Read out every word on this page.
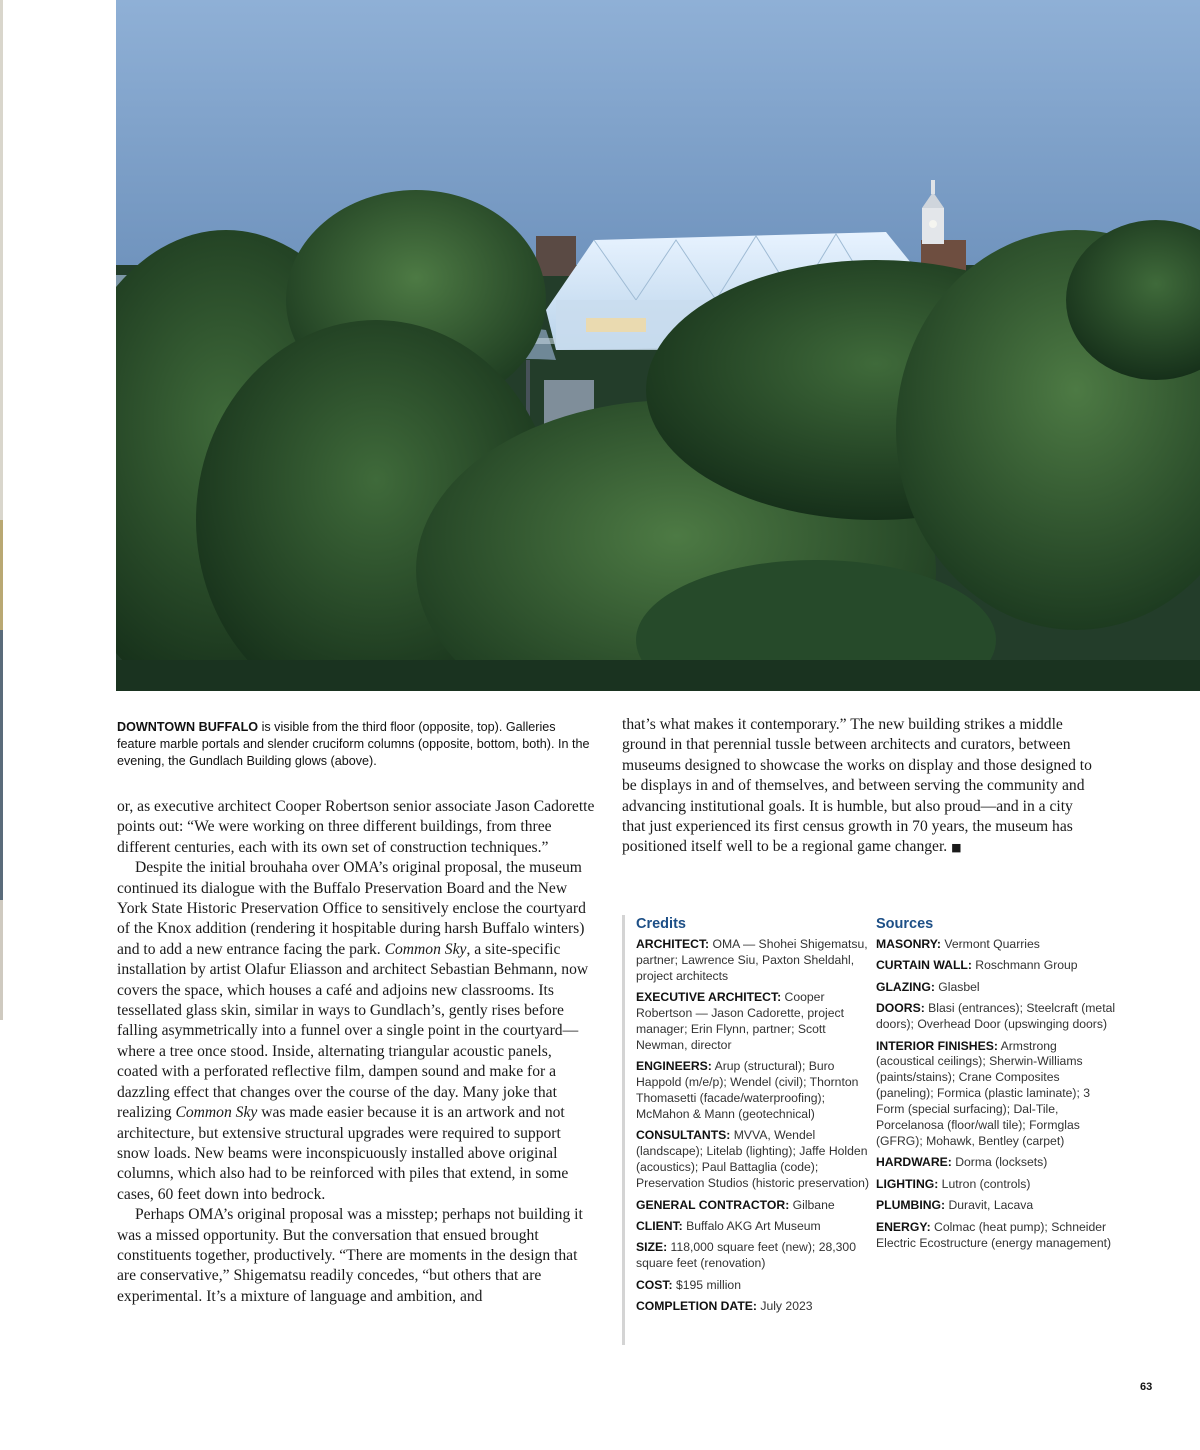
DOWNTOWN BUFFALO is visible from the third floor (opposite, top). Galleries feature marble portals and slender cruciform columns (opposite, bottom, both). In the evening, the Gundlach Building glows (above).

or, as executive architect Cooper Robertson senior associate Jason Cadorette points out: “We were working on three different buildings, from three different centuries, each with its own set of construction techniques.”

Despite the initial brouhaha over OMA’s original proposal, the museum continued its dialogue with the Buffalo Preservation Board and the New York State Historic Preservation Office to sensitively enclose the courtyard of the Knox addition (rendering it hospitable during harsh Buffalo winters) and to add a new entrance facing the park. Common Sky, a site-specific installation by artist Olafur Eliasson and architect Sebastian Behmann, now covers the space, which houses a café and adjoins new classrooms. Its tessellated glass skin, similar in ways to Gundlach’s, gently rises before falling asymmetrically into a funnel over a single point in the courtyard—where a tree once stood. Inside, alternating triangular acoustic panels, coated with a perforated reflective film, dampen sound and make for a dazzling effect that changes over the course of the day. Many joke that realizing Common Sky was made easier because it is an artwork and not architecture, but extensive structural upgrades were required to support snow loads. New beams were inconspicuously installed above original columns, which also had to be reinforced with piles that extend, in some cases, 60 feet down into bedrock.

Perhaps OMA’s original proposal was a misstep; perhaps not building it was a missed opportunity. But the conversation that ensued brought constituents together, productively. “There are moments in the design that are conservative,” Shigematsu readily concedes, “but others that are experimental. It’s a mixture of language and ambition, and

that’s what makes it contemporary.” The new building strikes a middle ground in that perennial tussle between architects and curators, between museums designed to showcase the works on display and those designed to be displays in and of themselves, and between serving the community and advancing institutional goals. It is humble, but also proud—and in a city that just experienced its first census growth in 70 years, the museum has positioned itself well to be a regional game changer. ■

Credits
ARCHITECT: OMA — Shohei Shigematsu, partner; Lawrence Siu, Paxton Sheldahl, project architects
EXECUTIVE ARCHITECT: Cooper Robertson — Jason Cadorette, project manager; Erin Flynn, partner; Scott Newman, director
ENGINEERS: Arup (structural); Buro Happold (m/e/p); Wendel (civil); Thornton Thomasetti (facade/waterproofing); McMahon & Mann (geotechnical)
CONSULTANTS: MVVA, Wendel (landscape); Litelab (lighting); Jaffe Holden (acoustics); Paul Battaglia (code); Preservation Studios (historic preservation)
GENERAL CONTRACTOR: Gilbane
CLIENT: Buffalo AKG Art Museum
SIZE: 118,000 square feet (new); 28,300 square feet (renovation)
COST: $195 million
COMPLETION DATE: July 2023
Sources
MASONRY: Vermont Quarries
CURTAIN WALL: Roschmann Group
GLAZING: Glasbel
DOORS: Blasi (entrances); Steelcraft (metal doors); Overhead Door (upswinging doors)
INTERIOR FINISHES: Armstrong (acoustical ceilings); Sherwin-Williams (paints/stains); Crane Composites (paneling); Formica (plastic laminate); 3 Form (special surfacing); Dal-Tile, Porcelanosa (floor/wall tile); Formglas (GFRG); Mohawk, Bentley (carpet)
HARDWARE: Dorma (locksets)
LIGHTING: Lutron (controls)
PLUMBING: Duravit, Lacava
ENERGY: Colmac (heat pump); Schneider Electric Ecostructure (energy management)
63
